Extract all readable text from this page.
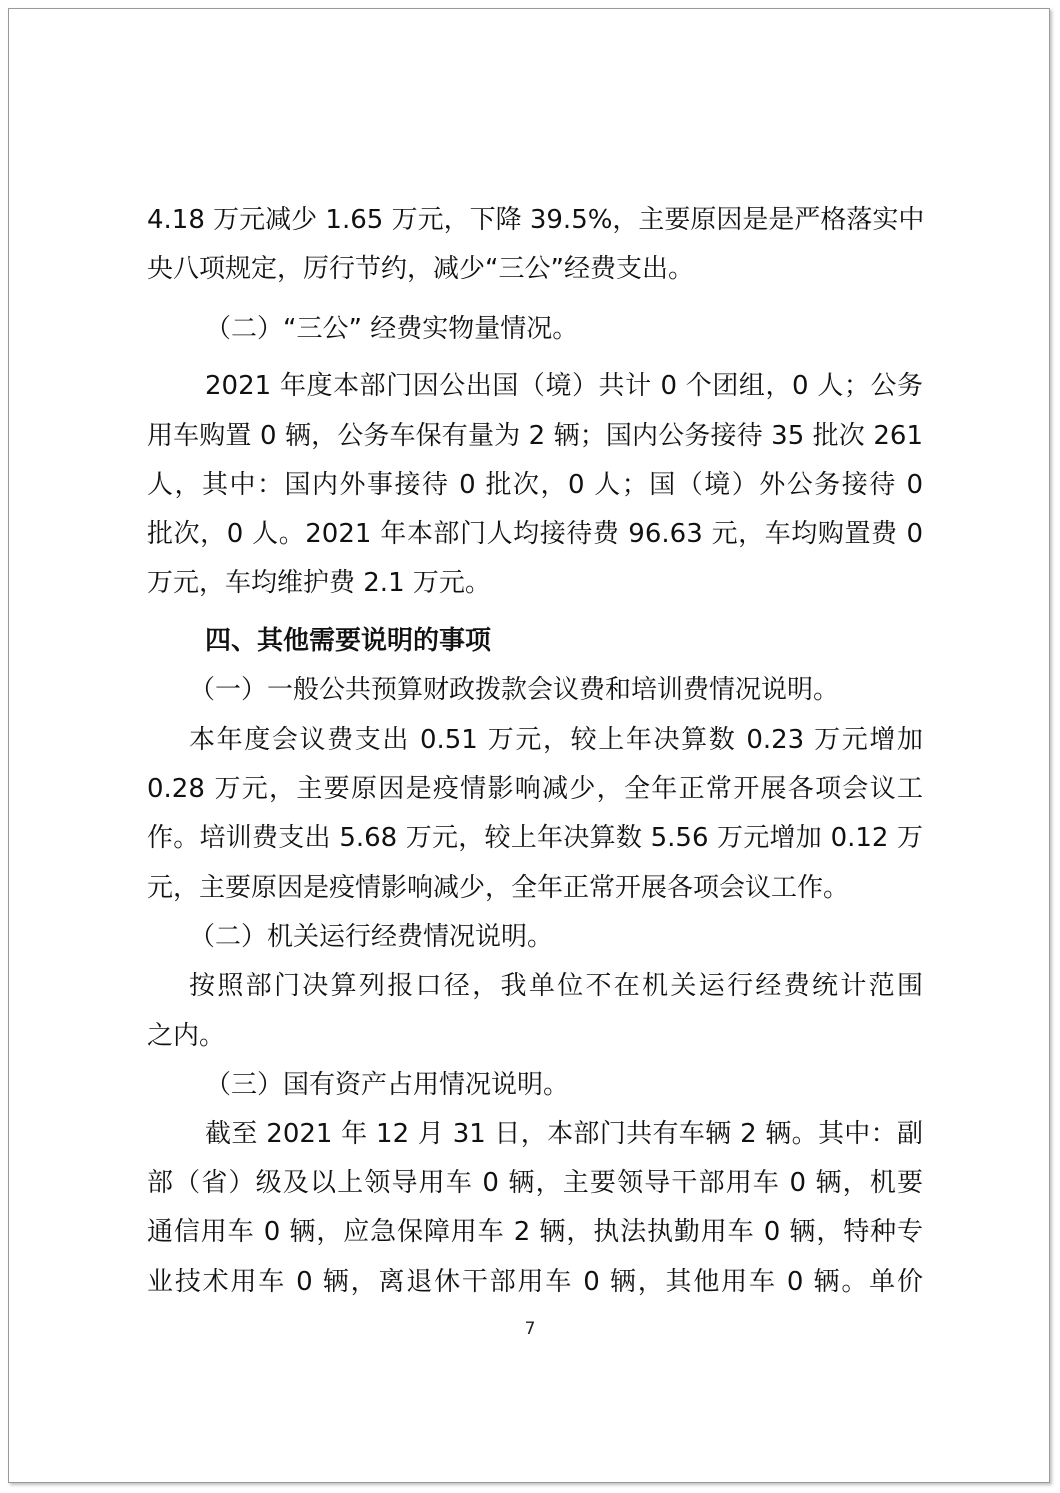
4.18 万元减少 1.65 万元，下降 39.5%，主要原因是是严格落实中
央八项规定，厉行节约，减少“三公”经费支出。
（二）“三公” 经费实物量情况。
2021 年度本部门因公出国（境）共计 0 个团组，0 人；公务
用车购置 0 辆，公务车保有量为 2 辆；国内公务接待 35 批次 261
人，其中：国内外事接待 0 批次，0 人；国（境）外公务接待 0
批次，0 人。2021 年本部门人均接待费 96.63 元，车均购置费 0
万元，车均维护费 2.1 万元。
四、其他需要说明的事项
（一）一般公共预算财政拨款会议费和培训费情况说明。
本年度会议费支出 0.51 万元，较上年决算数 0.23 万元增加
0.28 万元，主要原因是疫情影响减少，全年正常开展各项会议工
作。培训费支出 5.68 万元，较上年决算数 5.56 万元增加 0.12 万
元，主要原因是疫情影响减少，全年正常开展各项会议工作。
（二）机关运行经费情况说明。
按照部门决算列报口径，我单位不在机关运行经费统计范围
之内。
（三）国有资产占用情况说明。
截至 2021 年 12 月 31 日，本部门共有车辆 2 辆。其中：副
部（省）级及以上领导用车 0 辆，主要领导干部用车 0 辆，机要
通信用车 0 辆，应急保障用车 2 辆，执法执勤用车 0 辆，特种专
业技术用车 0 辆，离退休干部用车 0 辆，其他用车 0 辆。单价
7
